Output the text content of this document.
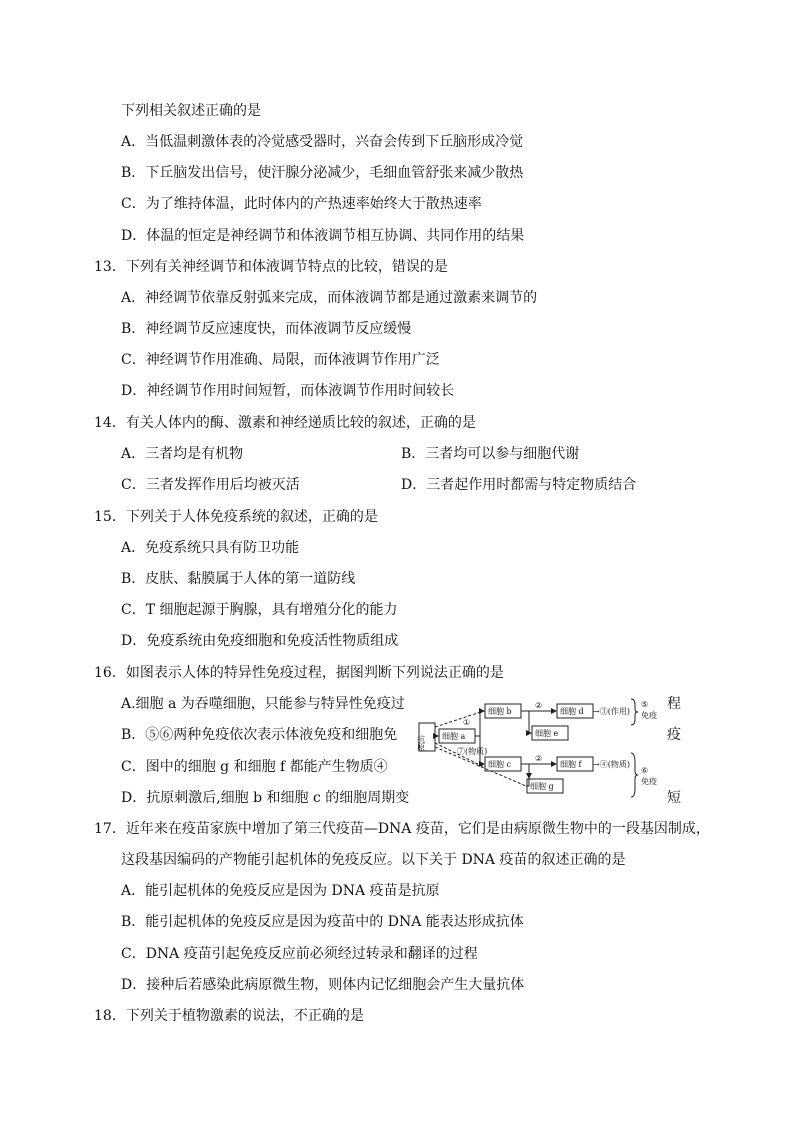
下列相关叙述正确的是
A．当低温刺激体表的冷觉感受器时，兴奋会传到下丘脑形成冷觉
B．下丘脑发出信号，使汗腺分泌减少，毛细血管舒张来减少散热
C．为了维持体温，此时体内的产热速率始终大于散热速率
D．体温的恒定是神经调节和体液调节相互协调、共同作用的结果
13．下列有关神经调节和体液调节特点的比较，错误的是
A．神经调节依靠反射弧来完成，而体液调节都是通过激素来调节的
B．神经调节反应速度快，而体液调节反应缓慢
C．神经调节作用准确、局限，而体液调节作用广泛
D．神经调节作用时间短暂，而体液调节作用时间较长
14．有关人体内的酶、激素和神经递质比较的叙述，正确的是
A．三者均是有机物	B．三者均可以参与细胞代谢
C．三者发挥作用后均被灭活	D．三者起作用时都需与特定物质结合
15．下列关于人体免疫系统的叙述，正确的是
A．免疫系统只具有防卫功能
B．皮肤、黏膜属于人体的第一道防线
C．T 细胞起源于胸腺，具有增殖分化的能力
D．免疫系统由免疫细胞和免疫活性物质组成
16．如图表示人体的特异性免疫过程，据图判断下列说法正确的是
A.细胞 a 为吞噬细胞，只能参与特异性免疫过	程
B．⑤⑥两种免疫依次表示体液免疫和细胞免	疫
C．图中的细胞 g 和细胞 f 都能产生物质④
D．抗原刺激后,细胞 b 和细胞 c 的细胞周期变	短
抗原 细胞 a
细胞 b
细胞 e
细胞 d
细胞 c	细胞 f
细胞 g
①
②
②
⑦(物质)
→③(作用)
→④(物质)
⑤
免疫
⑥
免疫
17．近年来在疫苗家族中增加了第三代疫苗—DNA 疫苗，它们是由病原微生物中的一段基因制成，
这段基因编码的产物能引起机体的免疫反应。以下关于 DNA 疫苗的叙述正确的是
A．能引起机体的免疫反应是因为 DNA 疫苗是抗原
B．能引起机体的免疫反应是因为疫苗中的 DNA 能表达形成抗体
C．DNA 疫苗引起免疫反应前必须经过转录和翻译的过程
D．接种后若感染此病原微生物，则体内记忆细胞会产生大量抗体
18．下列关于植物激素的说法，不正确的是
